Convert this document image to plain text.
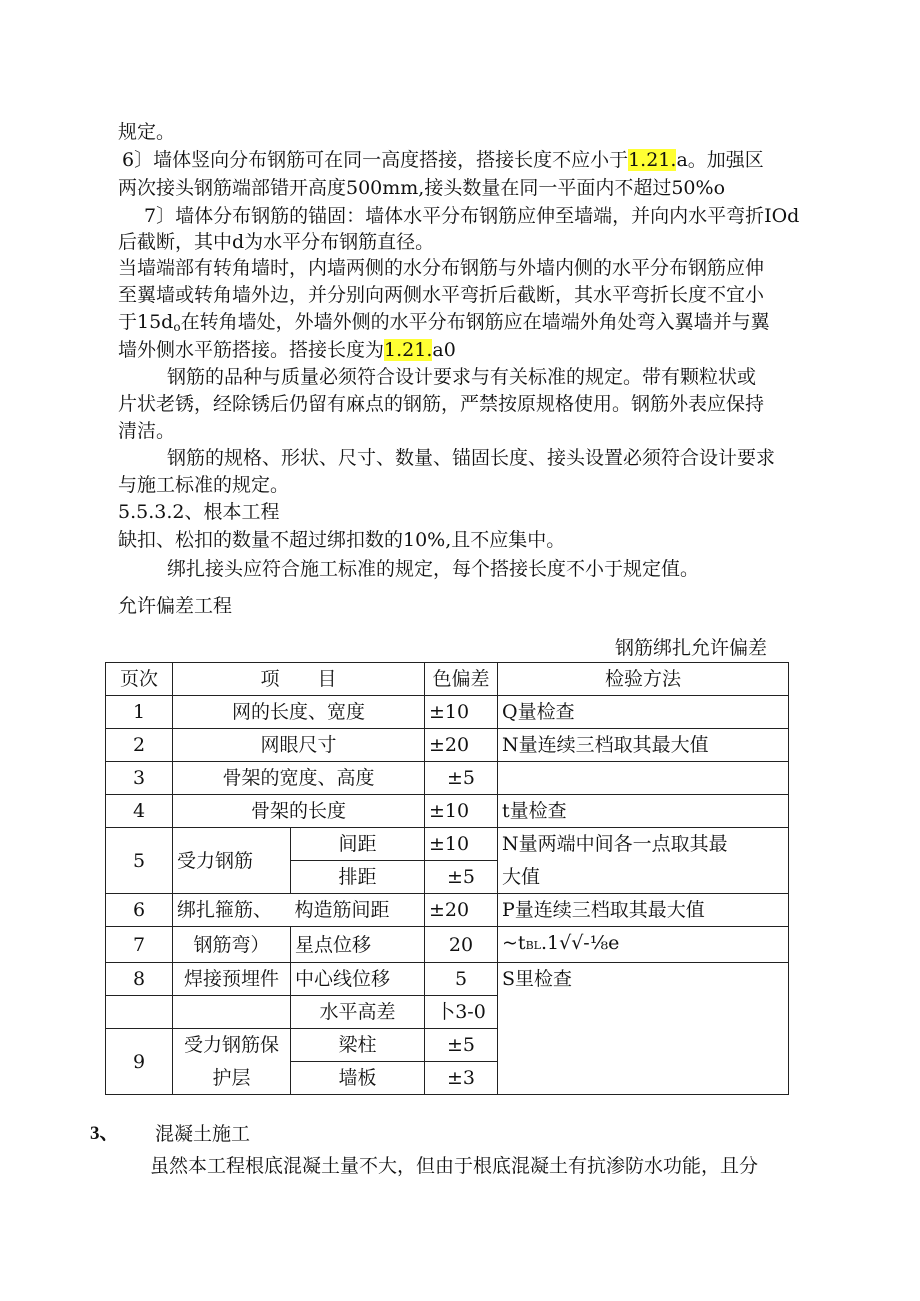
规定。
6〕墙体竖向分布钢筋可在同一高度搭接，搭接长度不应小于1.21.a。加强区
两次接头钢筋端部错开高度500mm,接头数量在同一平面内不超过50%o
7〕墙体分布钢筋的锚固：墙体水平分布钢筋应伸至墙端，并向内水平弯折IOd
后截断，其中d为水平分布钢筋直径。
当墙端部有转角墙时，内墙两侧的水分布钢筋与外墙内侧的水平分布钢筋应伸
至翼墙或转角墙外边，并分别向两侧水平弯折后截断，其水平弯折长度不宜小
于$15d_o$在转角墙处，外墙外侧的水平分布钢筋应在墙端外角处弯入翼墙并与翼
墙外侧水平筋搭接。搭接长度为1.21.a0
钢筋的品种与质量必须符合设计要求与有关标准的规定。带有颗粒状或
片状老锈，经除锈后仍留有麻点的钢筋，严禁按原规格使用。钢筋外表应保持
清洁。
钢筋的规格、形状、尺寸、数量、锚固长度、接头设置必须符合设计要求
与施工标准的规定。
5.5.3.2、根本工程
缺扣、松扣的数量不超过绑扣数的10%,且不应集中。
绑扎接头应符合施工标准的规定，每个搭接长度不小于规定值。
允许偏差工程
钢筋绑扎允许偏差
页次	项　　目		色偏差	检验方法
1	网的长度、宽度		±10	Q量检查
2	网眼尺寸		±20	N量连续三档取其最大值
3	骨架的宽度、高度		±5	
4	骨架的长度		±10	t量检查
5	受力钢筋	间距	±10	N量两端中间各一点取其最
		排距	±5	大值
6	绑扎箍筋、	构造筋间距	±20	P量连续三档取其最大值
7	钢筋弯）	星点位移	20	~tBL.1√√-⅛e
8	焊接预埋件	中心线位移	5	S里检查
		水平高差	卜3-0	
9	受力钢筋保	梁柱	±5	
	护层	墙板	±3	
3、 混凝土施工
虽然本工程根底混凝土量不大，但由于根底混凝土有抗渗防水功能，且分
